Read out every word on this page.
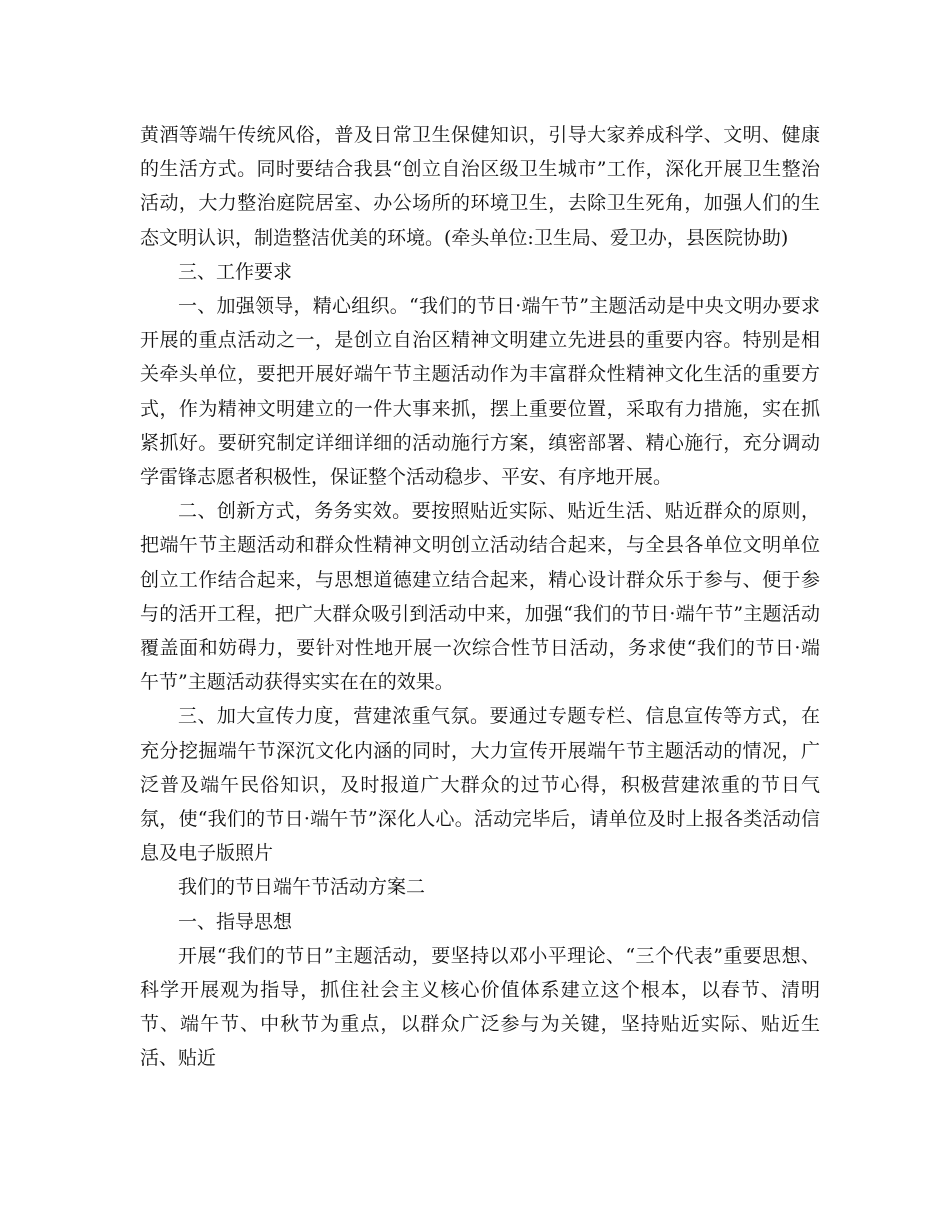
黄酒等端午传统风俗，普及日常卫生保健知识，引导大家养成科学、文明、健康的生活方式。同时要结合我县“创立自治区级卫生城市”工作，深化开展卫生整治活动，大力整治庭院居室、办公场所的环境卫生，去除卫生死角，加强人们的生态文明认识，制造整洁优美的环境。(牵头单位:卫生局、爱卫办，县医院协助)

三、工作要求

一、加强领导，精心组织。“我们的节日·端午节”主题活动是中央文明办要求开展的重点活动之一，是创立自治区精神文明建立先进县的重要内容。特别是相关牵头单位，要把开展好端午节主题活动作为丰富群众性精神文化生活的重要方式，作为精神文明建立的一件大事来抓，摆上重要位置，采取有力措施，实在抓紧抓好。要研究制定详细详细的活动施行方案，缜密部署、精心施行，充分调动学雷锋志愿者积极性，保证整个活动稳步、平安、有序地开展。

二、创新方式，务务实效。要按照贴近实际、贴近生活、贴近群众的原则，把端午节主题活动和群众性精神文明创立活动结合起来，与全县各单位文明单位创立工作结合起来，与思想道德建立结合起来，精心设计群众乐于参与、便于参与的活开工程，把广大群众吸引到活动中来，加强“我们的节日·端午节”主题活动覆盖面和妨碍力，要针对性地开展一次综合性节日活动，务求使“我们的节日·端午节”主题活动获得实实在在的效果。

三、加大宣传力度，营建浓重气氛。要通过专题专栏、信息宣传等方式，在充分挖掘端午节深沉文化内涵的同时，大力宣传开展端午节主题活动的情况，广泛普及端午民俗知识，及时报道广大群众的过节心得，积极营建浓重的节日气氛，使“我们的节日·端午节”深化人心。活动完毕后，请单位及时上报各类活动信息及电子版照片

我们的节日端午节活动方案二

一、指导思想

开展“我们的节日”主题活动，要坚持以邓小平理论、“三个代表”重要思想、科学开展观为指导，抓住社会主义核心价值体系建立这个根本，以春节、清明节、端午节、中秋节为重点，以群众广泛参与为关键，坚持贴近实际、贴近生活、贴近
